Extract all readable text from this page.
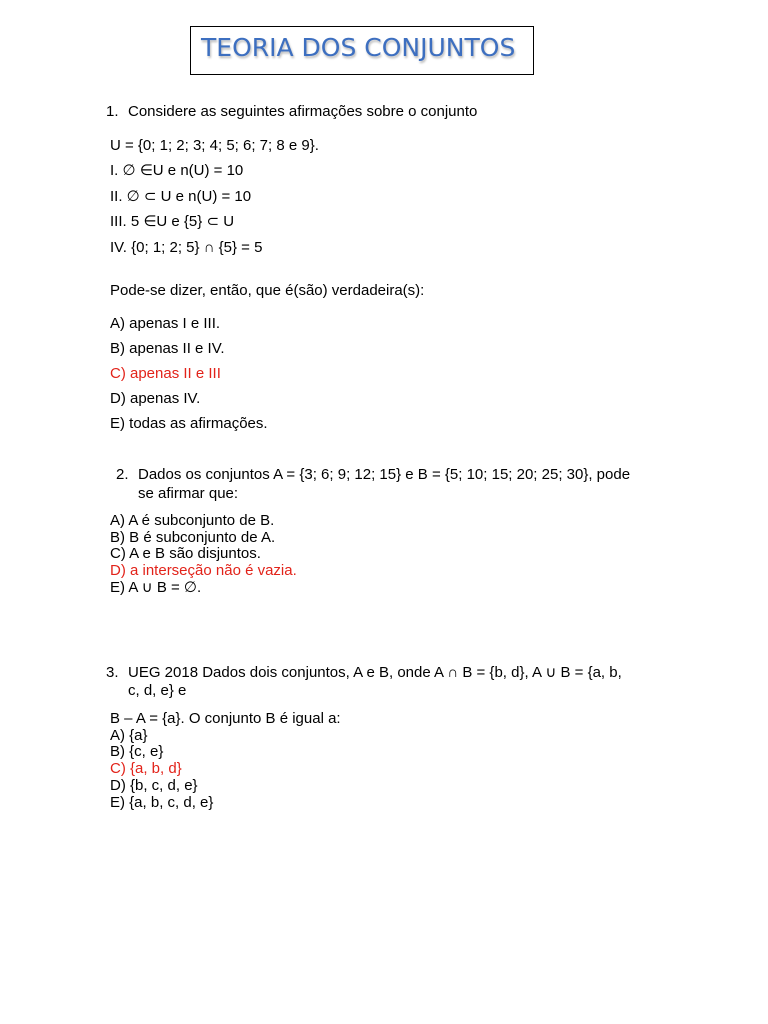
TEORIA DOS CONJUNTOS
1. Considere as seguintes afirmações sobre o conjunto
U = {0; 1; 2; 3; 4; 5; 6; 7; 8 e 9}.
I. ∅ ∈U e n(U) = 10
II. ∅ ⊂ U e n(U) = 10
III. 5 ∈U e {5} ⊂ U
IV. {0; 1; 2; 5} ∩ {5} = 5
Pode-se dizer, então, que é(são) verdadeira(s):
A) apenas I e III.
B) apenas II e IV.
C) apenas II e III
D) apenas IV.
E) todas as afirmações.
2. Dados os conjuntos A = {3; 6; 9; 12; 15} e B = {5; 10; 15; 20; 25; 30}, pode
se afirmar que:
A) A é subconjunto de B.
B) B é subconjunto de A.
C) A e B são disjuntos.
D) a interseção não é vazia.
E) A ∪ B = ∅.
3. UEG 2018 Dados dois conjuntos, A e B, onde A ∩ B = {b, d}, A ∪ B = {a, b,
c, d, e} e
B – A = {a}. O conjunto B é igual a:
A) {a}
B) {c, e}
C) {a, b, d}
D) {b, c, d, e}
E) {a, b, c, d, e}
